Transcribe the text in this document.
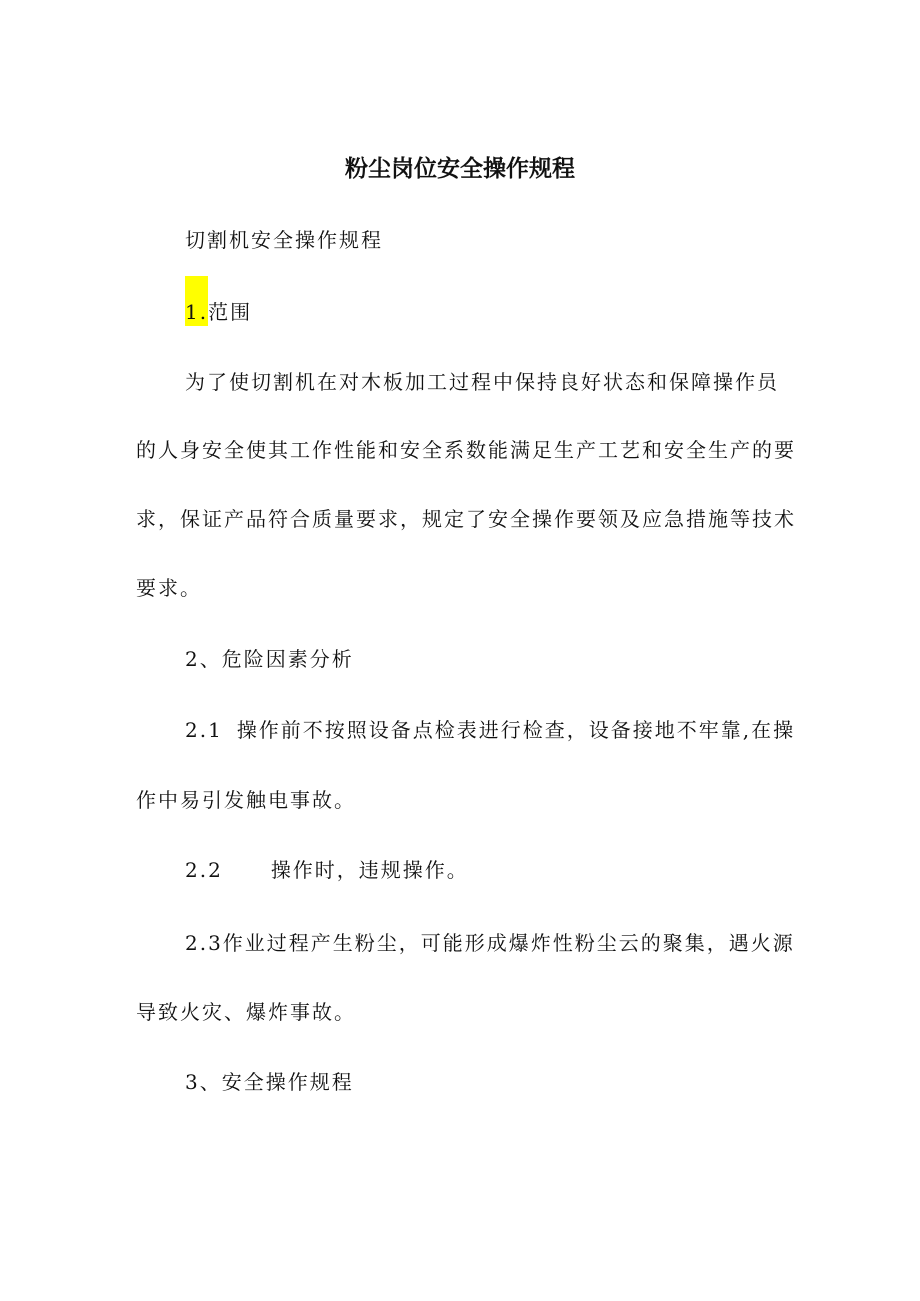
粉尘岗位安全操作规程
切割机安全操作规程
1.范围
为了使切割机在对木板加工过程中保持良好状态和保障操作员
的人身安全使其工作性能和安全系数能满足生产工艺和安全生产的要
求，保证产品符合质量要求，规定了安全操作要领及应急措施等技术
要求。
2、危险因素分析
2.1 操作前不按照设备点检表进行检查，设备接地不牢靠,在操
作中易引发触电事故。
2.2 操作时，违规操作。
2.3作业过程产生粉尘，可能形成爆炸性粉尘云的聚集，遇火源
导致火灾、爆炸事故。
3、安全操作规程
